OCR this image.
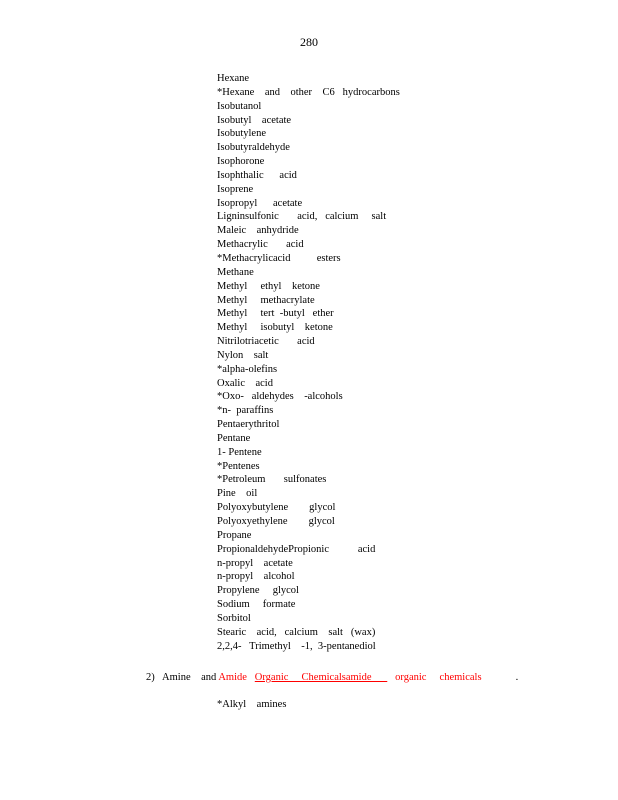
280
Hexane
*Hexane    and    other    C6   hydrocarbons
Isobutanol
Isobutyl    acetate
Isobutylene
Isobutyraldehyde
Isophorone
Isophthalic      acid
Isoprene
Isopropyl      acetate
Ligninsulfonic       acid,   calcium     salt
Maleic    anhydride
Methacrylic       acid
*Methacrylicacid          esters
Methane
Methyl     ethyl    ketone
Methyl     methacrylate
Methyl     tert  -butyl   ether
Methyl     isobutyl    ketone
Nitrilotriacetic       acid
Nylon    salt
*alpha-olefins
Oxalic    acid
*Oxo-   aldehydes    -alcohols
*n-  paraffins
Pentaerythritol
Pentane
1- Pentene
*Pentenes
*Petroleum       sulfonates
Pine    oil
Polyoxybutylene        glycol
Polyoxyethylene        glycol
Propane
PropionaldehydePropionic           acid
n-propyl    acetate
n-propyl    alcohol
Propylene     glycol
Sodium     formate
Sorbitol
Stearic    acid,   calcium    salt   (wax)
2,2,4-   Trimethyl    -1,  3-pentanediol
2)   Amine    and Amide   Organic     Chemicalsamide         organic     chemicals             .
*Alkyl    amines
